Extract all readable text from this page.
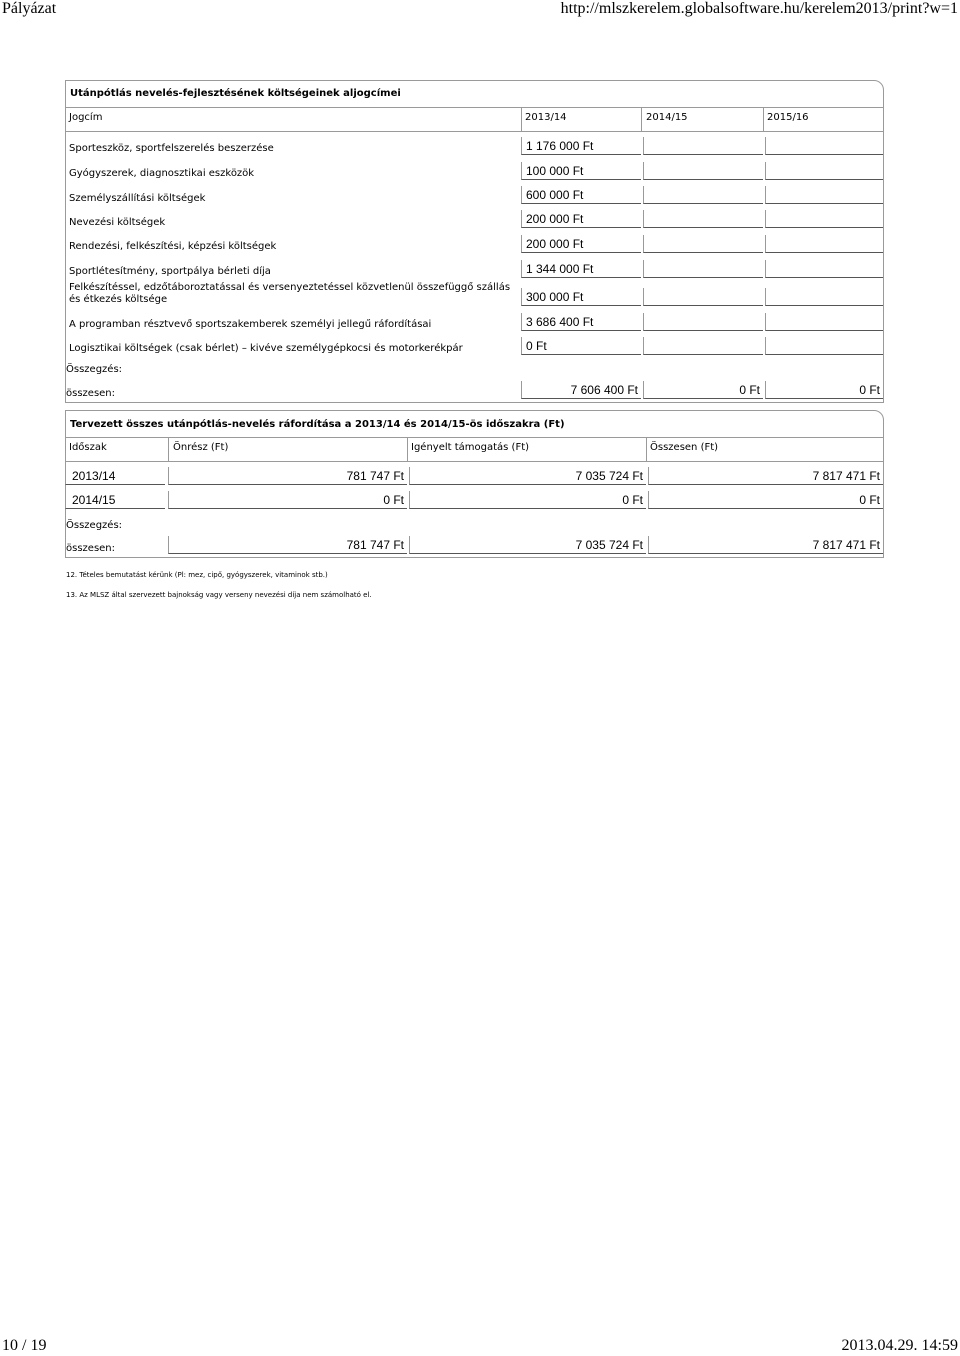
Pályázat	http://mlszkerelem.globalsoftware.hu/kerelem2013/print?w=1
Utánpótlás nevelés-fejlesztésének költségeinek aljogcímei
Jogcím	2013/14	2014/15	2015/16
Sporteszköz, sportfelszerelés beszerzése	1 176 000 Ft
Gyógyszerek, diagnosztikai eszközök	100 000 Ft
Személyszállítási költségek	600 000 Ft
Nevezési költségek	200 000 Ft
Rendezési, felkészítési, képzési költségek	200 000 Ft
Sportlétesítmény, sportpálya bérleti díja	1 344 000 Ft
Felkészítéssel, edzőtáboroztatással és versenyeztetéssel közvetlenül összefüggő szállás és étkezés költsége	300 000 Ft
A programban résztvevő sportszakemberek személyi jellegű ráfordításai	3 686 400 Ft
Logisztikai költségek (csak bérlet) – kivéve személygépkocsi és motorkerékpár	0 Ft
Összegzés:
összesen:	7 606 400 Ft	0 Ft	0 Ft
Tervezett összes utánpótlás-nevelés ráfordítása a 2013/14 és 2014/15-ös időszakra (Ft)
Időszak	Önrész (Ft)	Igényelt támogatás (Ft)	Összesen (Ft)
2013/14	781 747 Ft	7 035 724 Ft	7 817 471 Ft
2014/15	0 Ft	0 Ft	0 Ft
Összegzés:
összesen:	781 747 Ft	7 035 724 Ft	7 817 471 Ft
12. Tételes bemutatást kérünk (Pl: mez, cipő, gyógyszerek, vitaminok stb.)
13. Az MLSZ által szervezett bajnokság vagy verseny nevezési díja nem számolható el.
10 / 19	2013.04.29. 14:59
